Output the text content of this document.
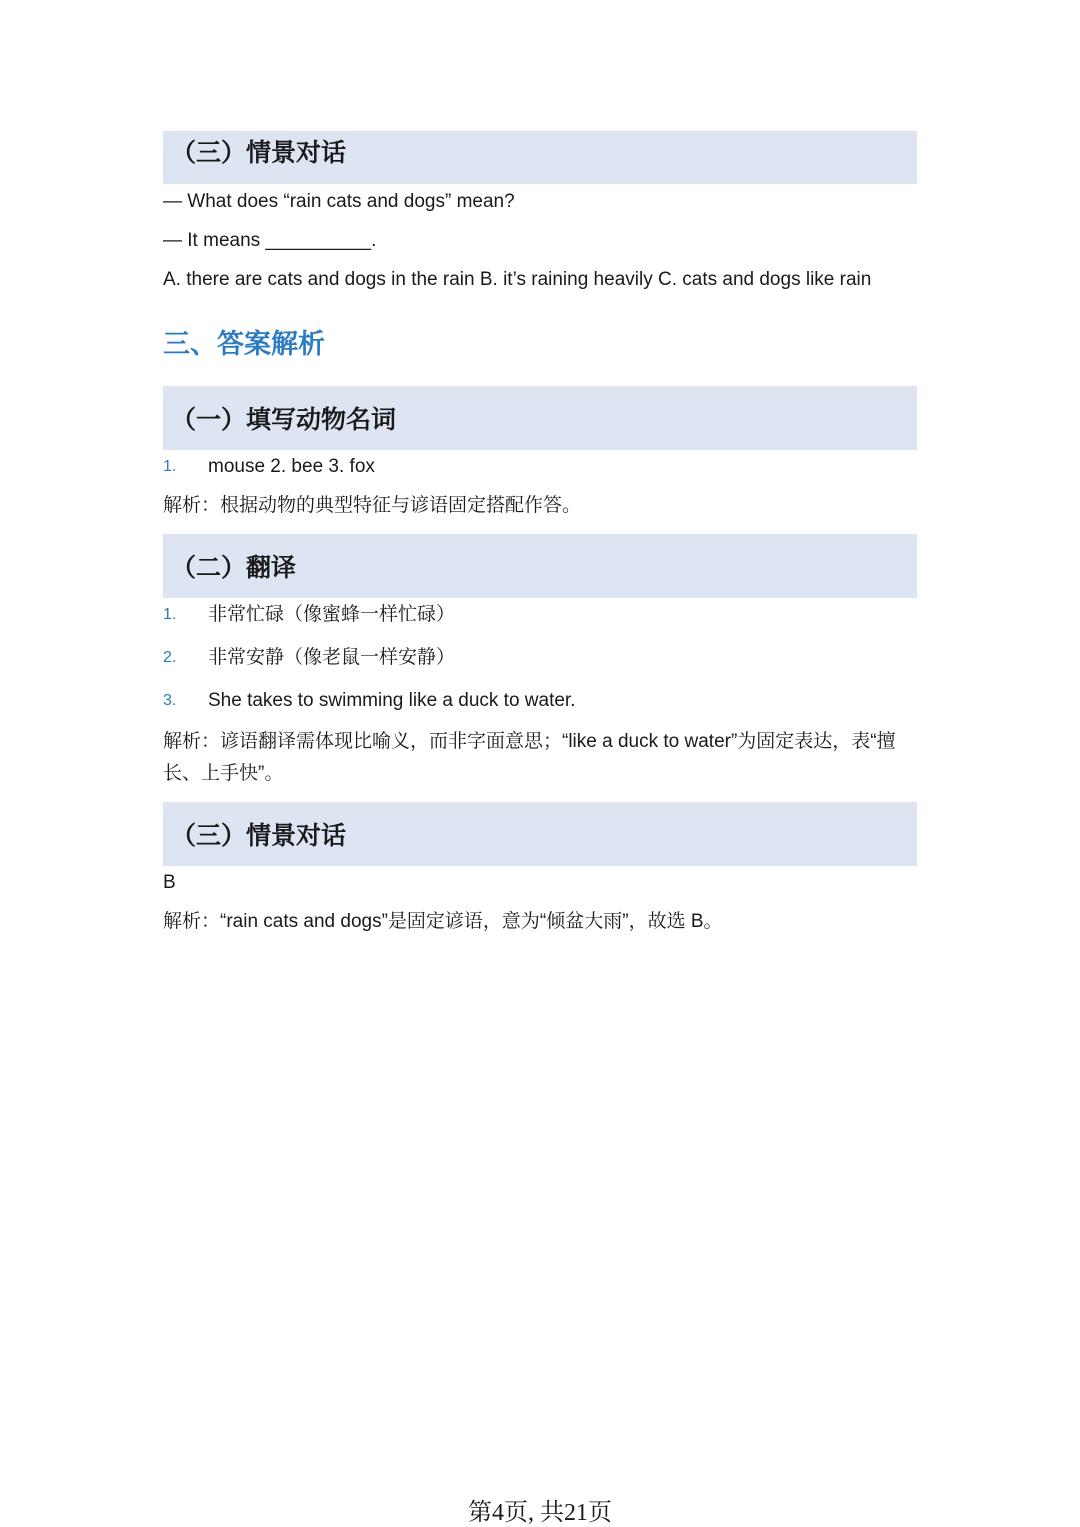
（三）情景对话
— What does “rain cats and dogs” mean?
— It means __________.
A. there are cats and dogs in the rain B. it’s raining heavily C. cats and dogs like rain
三、答案解析
（一）填写动物名词
1.	mouse 2. bee 3. fox
解析：根据动物的典型特征与谚语固定搭配作答。
（二）翻译
1.	非常忙碌（像蜜蜂一样忙碌）
2.	非常安静（像老鼠一样安静）
3.	She takes to swimming like a duck to water.
解析：谚语翻译需体现比喻义，而非字面意思；“like a duck to water”为固定表达，表“擅长、上手快”。
（三）情景对话
B
解析：“rain cats and dogs”是固定谚语，意为“倾盆大雨”，故选 B。
第4页, 共21页
